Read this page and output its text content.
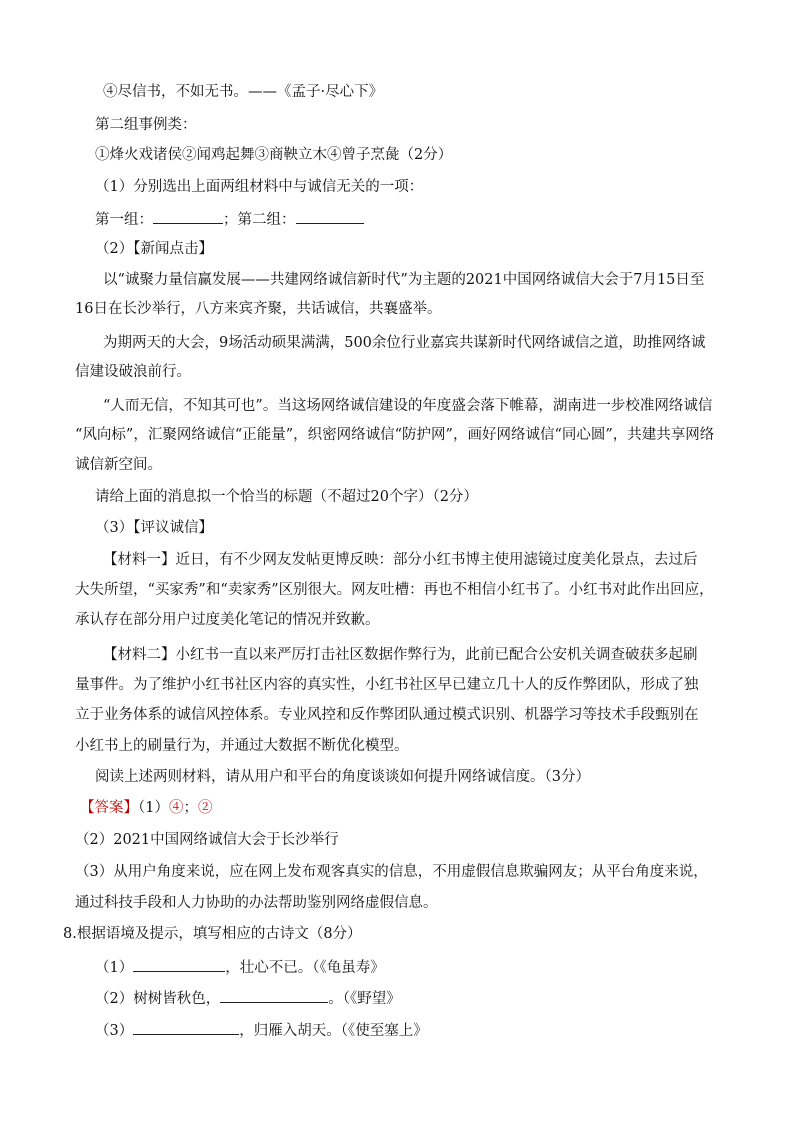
④尽信书，不如无书。——《孟子·尽心下》
第二组事例类：
①烽火戏诸侯②闻鸡起舞③商鞅立木④曾子烹彘（2分）
（1）分别选出上面两组材料中与诚信无关的一项：
第一组：	；第二组：
（2）【新闻点击】
以“诚聚力量信赢发展——共建网络诚信新时代”为主题的2021中国网络诚信大会于7月15日至
16日在长沙举行，八方来宾齐聚，共话诚信，共襄盛举。
为期两天的大会，9场活动硕果满满，500余位行业嘉宾共谋新时代网络诚信之道，助推网络诚
信建设破浪前行。
“人而无信，不知其可也”。当这场网络诚信建设的年度盛会落下帷幕，湖南进一步校准网络诚信
“风向标”，汇聚网络诚信“正能量”，织密网络诚信“防护网”，画好网络诚信“同心圆”，共建共享网络
诚信新空间。
请给上面的消息拟一个恰当的标题（不超过20个字）（2分）
（3）【评议诚信】
【材料一】近日，有不少网友发帖更博反映：部分小红书博主使用滤镜过度美化景点，去过后
大失所望，“买家秀”和“卖家秀”区别很大。网友吐槽：再也不相信小红书了。小红书对此作出回应，
承认存在部分用户过度美化笔记的情况并致歉。
【材料二】小红书一直以来严厉打击社区数据作弊行为，此前已配合公安机关调查破获多起刷
量事件。为了维护小红书社区内容的真实性，小红书社区早已建立几十人的反作弊团队，形成了独
立于业务体系的诚信风控体系。专业风控和反作弊团队通过模式识别、机器学习等技术手段甄别在
小红书上的刷量行为，并通过大数据不断优化模型。
阅读上述两则材料，请从用户和平台的角度谈谈如何提升网络诚信度。（3分）
【答案】（1）④；②
（2）2021中国网络诚信大会于长沙举行
（3）从用户角度来说，应在网上发布观客真实的信息，不用虚假信息欺骗网友；从平台角度来说，
通过科技手段和人力协助的办法帮助鉴别网络虚假信息。
8.根据语境及提示，填写相应的古诗文（8分）
（1）	，壮心不已。（《龟虽寿》
（2）树树皆秋色，	。（《野望》
（3）	，归雁入胡天。（《使至塞上》
